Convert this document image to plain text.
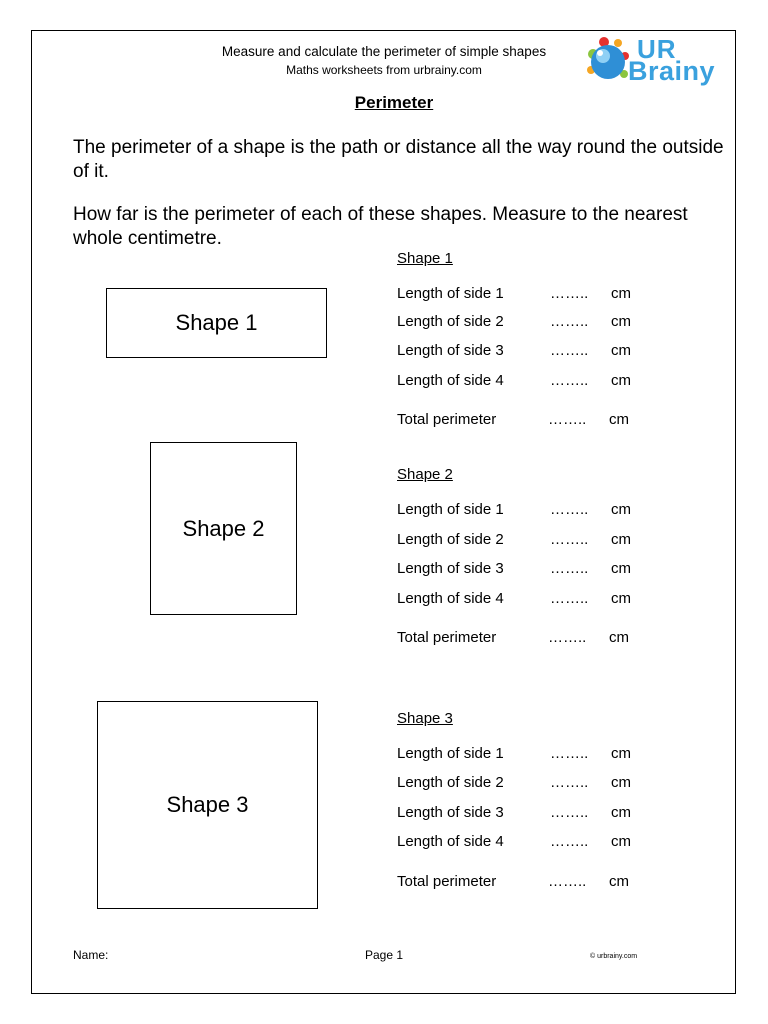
Measure and calculate the perimeter of simple shapes
Maths worksheets from urbrainy.com
UR
Brainy
Perimeter
The perimeter of a shape is the path or distance all the way round the outside of it.
How far is the perimeter of each of these shapes. Measure to the nearest whole centimetre.
Shape 1
Shape 2
Shape 3
Shape 1
Length of side 1	…….. cm
Length of side 2	…….. cm
Length of side 3	…….. cm
Length of side 4	…….. cm
Total perimeter	…….. cm
Shape 2
Length of side 1	…….. cm
Length of side 2	…….. cm
Length of side 3	…….. cm
Length of side 4	…….. cm
Total perimeter	…….. cm
Shape 3
Length of side 1	…….. cm
Length of side 2	…….. cm
Length of side 3	…….. cm
Length of side 4	…….. cm
Total perimeter	…….. cm
Name:	Page 1	© urbrainy.com
